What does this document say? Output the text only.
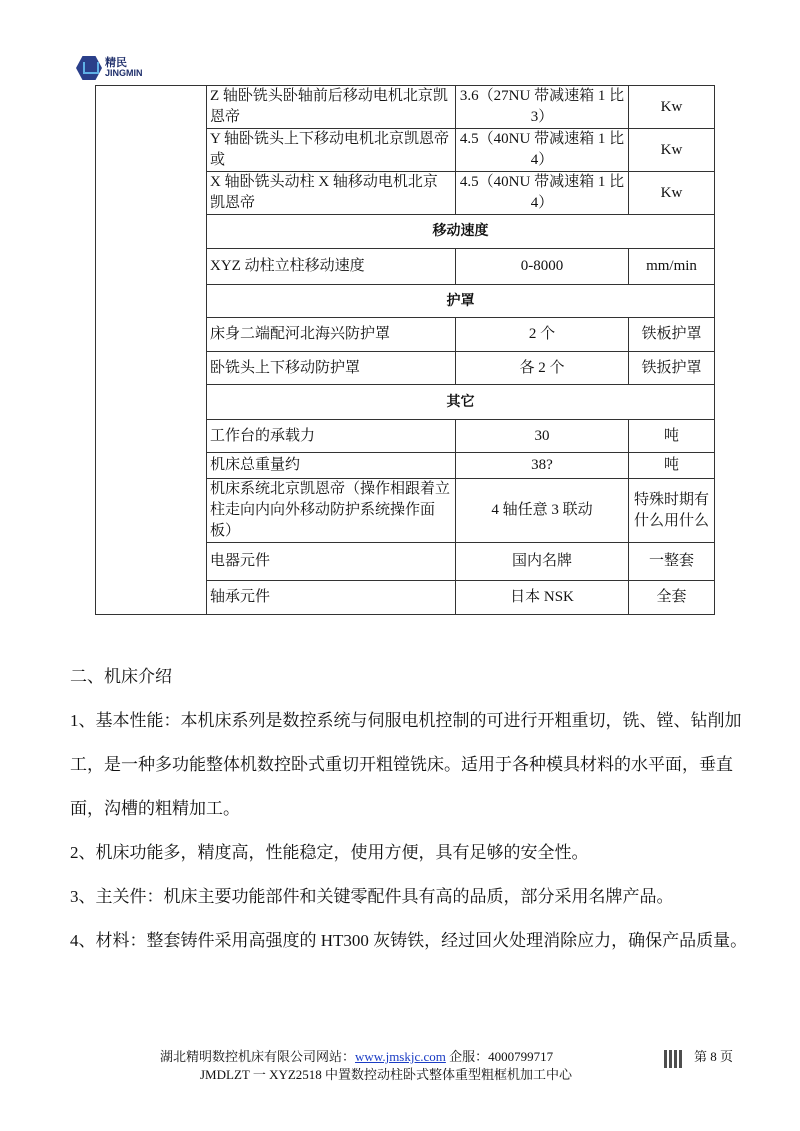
精民
JINGMIN
	Z 轴卧铣头卧轴前后移动电机北京凯恩帝	3.6（27NU 带减速箱 1 比 3）	Kw
	Y 轴卧铣头上下移动电机北京凯恩帝或	4.5（40NU 带减速箱 1 比 4）	Kw
	X 轴卧铣头动柱 X 轴移动电机北京凯恩帝	4.5（40NU 带减速箱 1 比 4）	Kw
	移动速度		
	XYZ 动柱立柱移动速度	0-8000	mm/min
	护罩		
	床身二端配河北海兴防护罩	2 个	铁板护罩
	卧铣头上下移动防护罩	各 2 个	铁扳护罩
	其它		
	工作台的承载力	30	吨
	机床总重量约	38?	吨
	机床系统北京凯恩帝（操作相跟着立柱走向内向外移动防护系统操作面板）	4 轴任意 3 联动	特殊时期有什么用什么
	电器元件	国内名牌	一整套
	轴承元件	日本 NSK	全套

二、机床介绍

1、基本性能：本机床系列是数控系统与伺服电机控制的可进行开粗重切，铣、镗、钻削加工，是一种多功能整体机数控卧式重切开粗镗铣床。适用于各种模具材料的水平面，垂直面，沟槽的粗精加工。

2、机床功能多，精度高，性能稳定，使用方便，具有足够的安全性。

3、主关件：机床主要功能部件和关键零配件具有高的品质，部分采用名牌产品。

4、材料：整套铸件采用高强度的 HT300 灰铸铁，经过回火处理消除应力，确保产品质量。

湖北精明数控机床有限公司网站：www.jmskjc.com 企服：4000799717
JMDLZT 一 XYZ2518 中置数控动柱卧式整体重型粗框机加工中心
第 8 页
